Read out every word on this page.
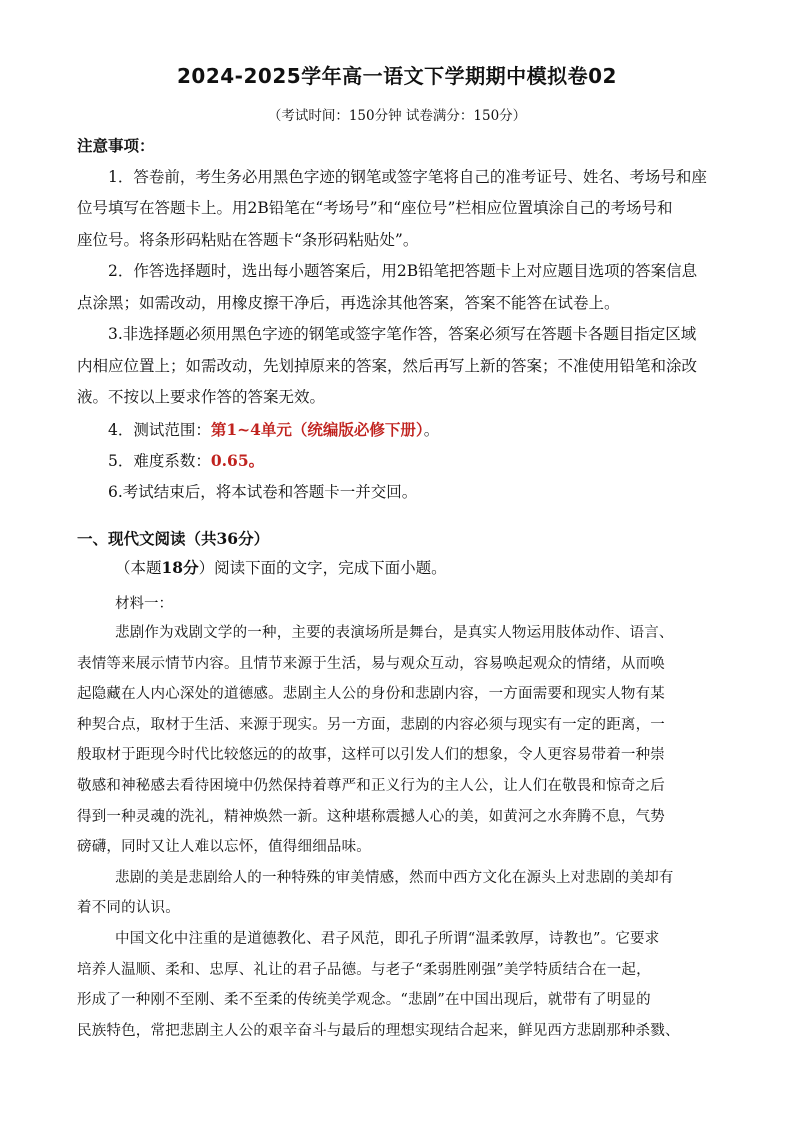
2024-2025学年高一语文下学期期中模拟卷02
（考试时间：150分钟 试卷满分：150分）
注意事项：
1．答卷前，考生务必用黑色字迹的钢笔或签字笔将自己的准考证号、姓名、考场号和座
位号填写在答题卡上。用2B铅笔在“考场号”和“座位号”栏相应位置填涂自己的考场号和
座位号。将条形码粘贴在答题卡“条形码粘贴处”。
2．作答选择题时，选出每小题答案后，用2B铅笔把答题卡上对应题目选项的答案信息
点涂黑；如需改动，用橡皮擦干净后，再选涂其他答案，答案不能答在试卷上。
3.非选择题必须用黑色字迹的钢笔或签字笔作答，答案必须写在答题卡各题目指定区域
内相应位置上；如需改动，先划掉原来的答案，然后再写上新的答案；不准使用铅笔和涂改
液。不按以上要求作答的答案无效。
4．测试范围：第1~4单元（统编版必修下册）。
5．难度系数：0.65。
6.考试结束后，将本试卷和答题卡一并交回。
一、现代文阅读（共36分）
（本题18分）阅读下面的文字，完成下面小题。
材料一：
悲剧作为戏剧文学的一种，主要的表演场所是舞台，是真实人物运用肢体动作、语言、
表情等来展示情节内容。且情节来源于生活，易与观众互动，容易唤起观众的情绪，从而唤
起隐藏在人内心深处的道德感。悲剧主人公的身份和悲剧内容，一方面需要和现实人物有某
种契合点，取材于生活、来源于现实。另一方面，悲剧的内容必须与现实有一定的距离，一
般取材于距现今时代比较悠远的的故事，这样可以引发人们的想象，令人更容易带着一种崇
敬感和神秘感去看待困境中仍然保持着尊严和正义行为的主人公，让人们在敬畏和惊奇之后
得到一种灵魂的洗礼，精神焕然一新。这种堪称震撼人心的美，如黄河之水奔腾不息，气势
磅礴，同时又让人难以忘怀，值得细细品味。
悲剧的美是悲剧给人的一种特殊的审美情感，然而中西方文化在源头上对悲剧的美却有
着不同的认识。
中国文化中注重的是道德教化、君子风范，即孔子所谓“温柔敦厚，诗教也”。它要求
培养人温顺、柔和、忠厚、礼让的君子品德。与老子“柔弱胜刚强”美学特质结合在一起，
形成了一种刚不至刚、柔不至柔的传统美学观念。“悲剧”在中国出现后，就带有了明显的
民族特色，常把悲剧主人公的艰辛奋斗与最后的理想实现结合起来，鲜见西方悲剧那种杀戮、
